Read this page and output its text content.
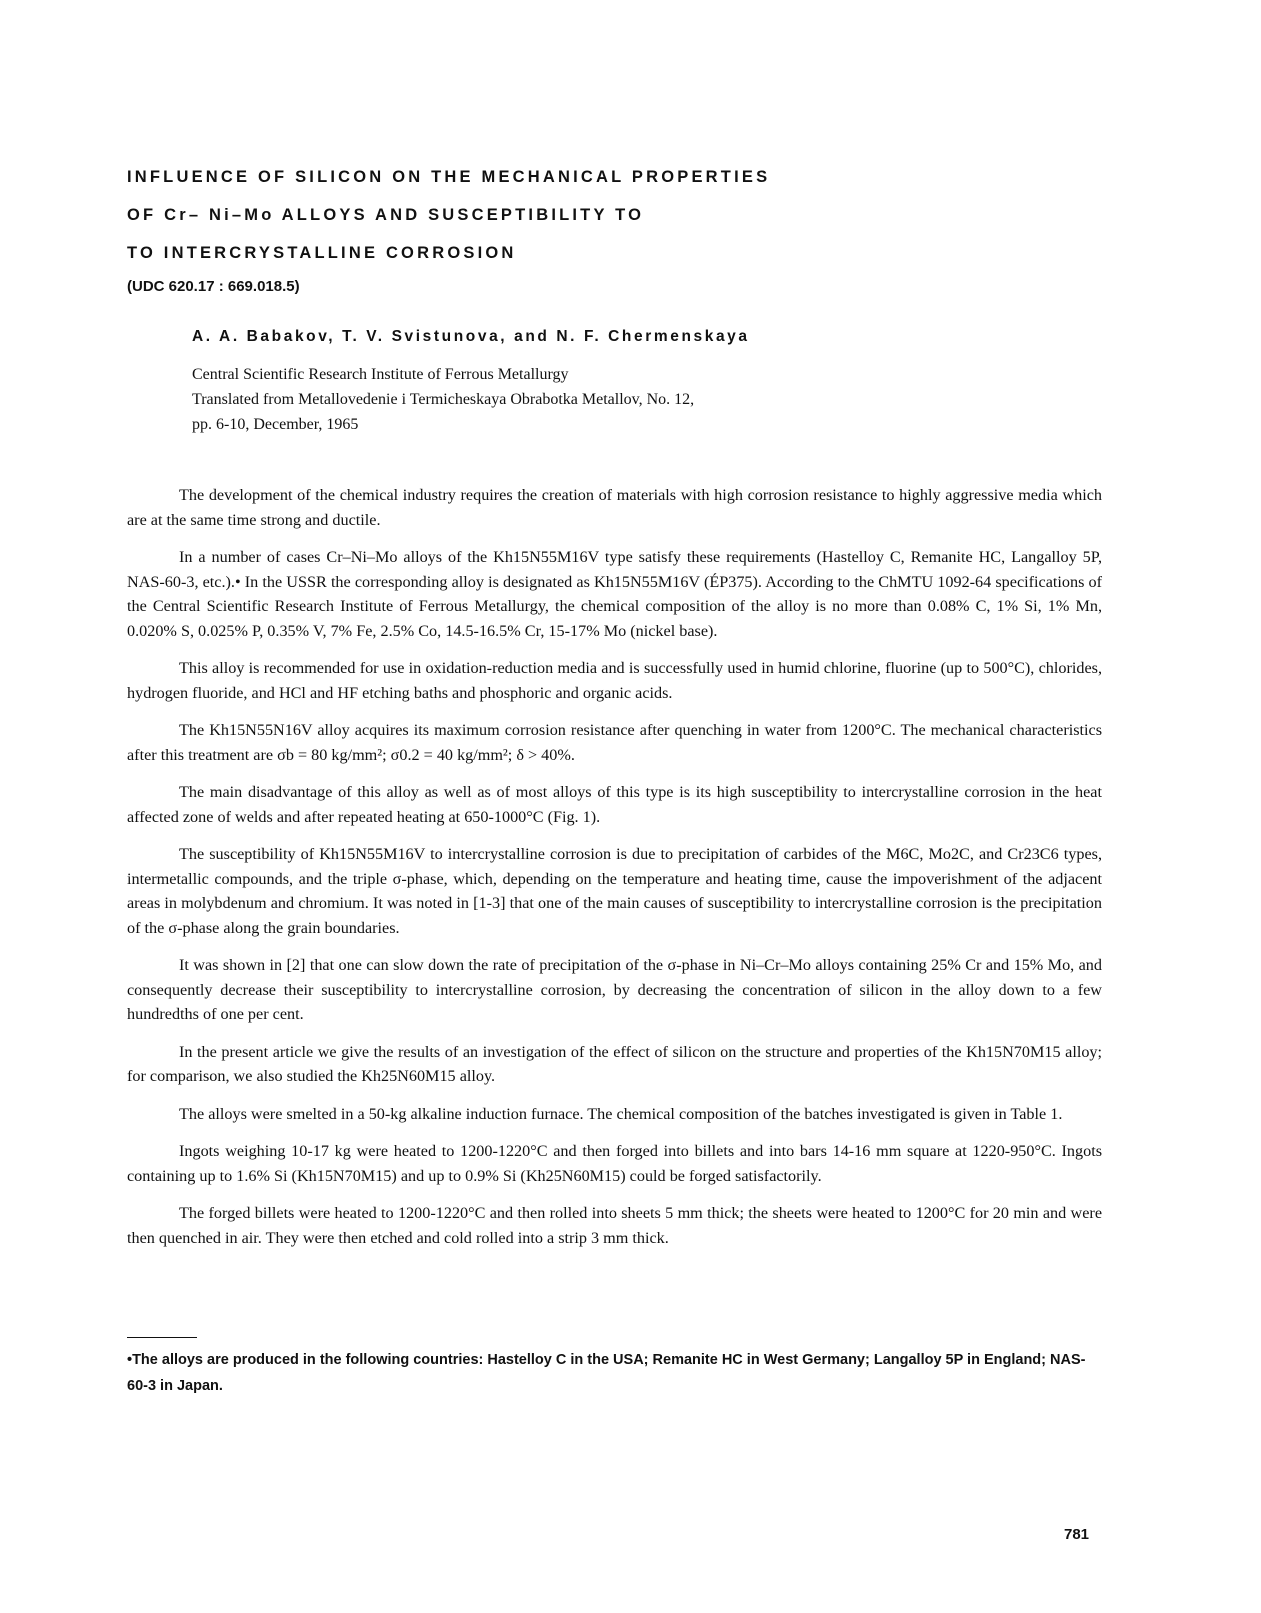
INFLUENCE OF SILICON ON THE MECHANICAL PROPERTIES
OF Cr– Ni–Mo ALLOYS AND SUSCEPTIBILITY TO
TO INTERCRYSTALLINE CORROSION
(UDC 620.17 : 669.018.5)
A. A. Babakov, T. V. Svistunova, and N. F. Chermenskaya
Central Scientific Research Institute of Ferrous Metallurgy
Translated from Metallovedenie i Termicheskaya Obrabotka Metallov, No. 12,
pp. 6-10, December, 1965

The development of the chemical industry requires the creation of materials with high corrosion resistance to highly aggressive media which are at the same time strong and ductile.

In a number of cases Cr–Ni–Mo alloys of the Kh15N55M16V type satisfy these requirements (Hastelloy C, Remanite HC, Langalloy 5P, NAS-60-3, etc.).• In the USSR the corresponding alloy is designated as Kh15N55M16V (ÉP375). According to the ChMTU 1092-64 specifications of the Central Scientific Research Institute of Ferrous Metallurgy, the chemical composition of the alloy is no more than 0.08% C, 1% Si, 1% Mn, 0.020% S, 0.025% P, 0.35% V, 7% Fe, 2.5% Co, 14.5-16.5% Cr, 15-17% Mo (nickel base).

This alloy is recommended for use in oxidation-reduction media and is successfully used in humid chlorine, fluorine (up to 500°C), chlorides, hydrogen fluoride, and HCl and HF etching baths and phosphoric and organic acids.

The Kh15N55N16V alloy acquires its maximum corrosion resistance after quenching in water from 1200°C. The mechanical characteristics after this treatment are σb = 80 kg/mm²; σ0.2 = 40 kg/mm²; δ > 40%.

The main disadvantage of this alloy as well as of most alloys of this type is its high susceptibility to intercrystalline corrosion in the heat affected zone of welds and after repeated heating at 650-1000°C (Fig. 1).

The susceptibility of Kh15N55M16V to intercrystalline corrosion is due to precipitation of carbides of the M6C, Mo2C, and Cr23C6 types, intermetallic compounds, and the triple σ-phase, which, depending on the temperature and heating time, cause the impoverishment of the adjacent areas in molybdenum and chromium. It was noted in [1-3] that one of the main causes of susceptibility to intercrystalline corrosion is the precipitation of the σ-phase along the grain boundaries.

It was shown in [2] that one can slow down the rate of precipitation of the σ-phase in Ni–Cr–Mo alloys containing 25% Cr and 15% Mo, and consequently decrease their susceptibility to intercrystalline corrosion, by decreasing the concentration of silicon in the alloy down to a few hundredths of one per cent.

In the present article we give the results of an investigation of the effect of silicon on the structure and properties of the Kh15N70M15 alloy; for comparison, we also studied the Kh25N60M15 alloy.

The alloys were smelted in a 50-kg alkaline induction furnace. The chemical composition of the batches investigated is given in Table 1.

Ingots weighing 10-17 kg were heated to 1200-1220°C and then forged into billets and into bars 14-16 mm square at 1220-950°C. Ingots containing up to 1.6% Si (Kh15N70M15) and up to 0.9% Si (Kh25N60M15) could be forged satisfactorily.

The forged billets were heated to 1200-1220°C and then rolled into sheets 5 mm thick; the sheets were heated to 1200°C for 20 min and were then quenched in air. They were then etched and cold rolled into a strip 3 mm thick.

•The alloys are produced in the following countries: Hastelloy C in the USA; Remanite HC in West Germany; Langalloy 5P in England; NAS-60-3 in Japan.
781
